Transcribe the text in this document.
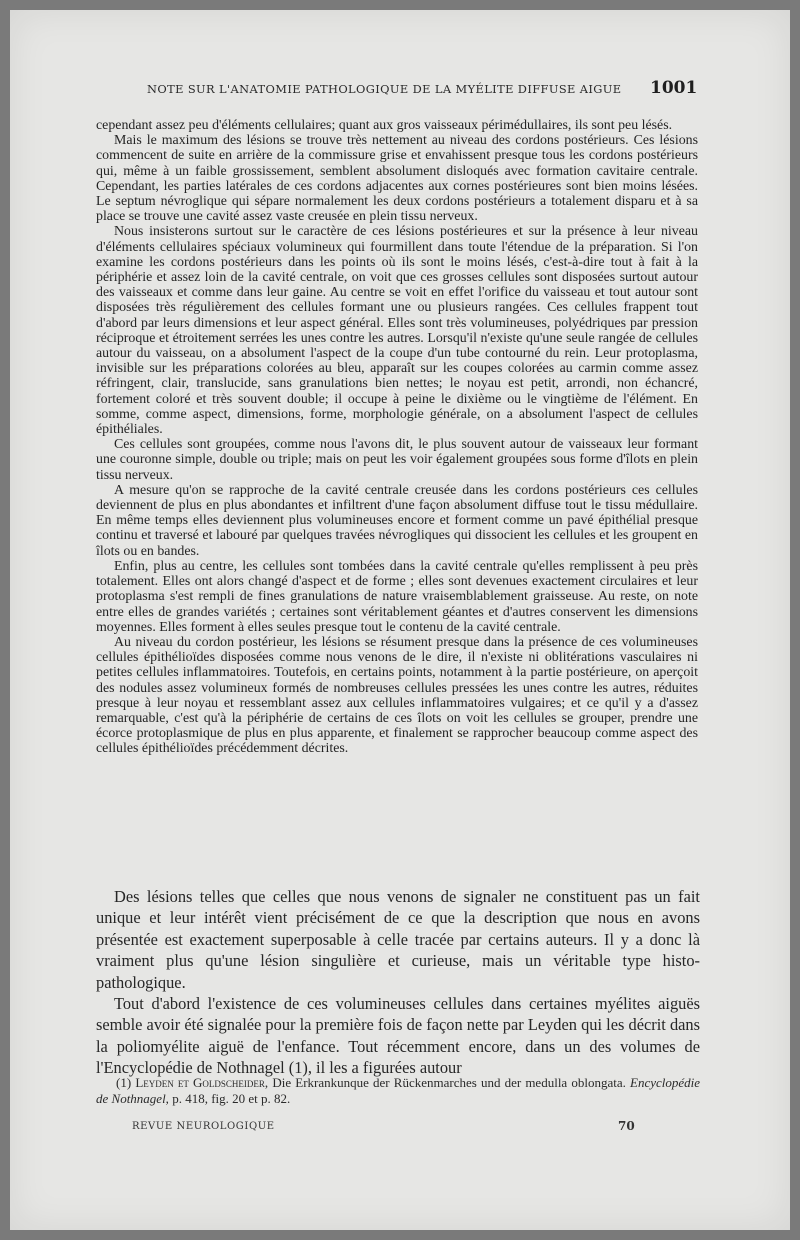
NOTE SUR L'ANATOMIE PATHOLOGIQUE DE LA MYÉLITE DIFFUSE AIGUE 1001

cependant assez peu d'éléments cellulaires; quant aux gros vaisseaux périmédullaires, ils sont peu lésés.

Mais le maximum des lésions se trouve très nettement au niveau des cordons postérieurs. Ces lésions commencent de suite en arrière de la commissure grise et envahissent presque tous les cordons postérieurs qui, même à un faible grossissement, semblent absolument disloqués avec formation cavitaire centrale. Cependant, les parties latérales de ces cordons adjacentes aux cornes postérieures sont bien moins lésées. Le septum névroglique qui sépare normalement les deux cordons postérieurs a totalement disparu et à sa place se trouve une cavité assez vaste creusée en plein tissu nerveux.

Nous insisterons surtout sur le caractère de ces lésions postérieures et sur la présence à leur niveau d'éléments cellulaires spéciaux volumineux qui fourmillent dans toute l'étendue de la préparation. Si l'on examine les cordons postérieurs dans les points où ils sont le moins lésés, c'est-à-dire tout à fait à la périphérie et assez loin de la cavité centrale, on voit que ces grosses cellules sont disposées surtout autour des vaisseaux et comme dans leur gaine. Au centre se voit en effet l'orifice du vaisseau et tout autour sont disposées très régulièrement des cellules formant une ou plusieurs rangées. Ces cellules frappent tout d'abord par leurs dimensions et leur aspect général. Elles sont très volumineuses, polyédriques par pression réciproque et étroitement serrées les unes contre les autres. Lorsqu'il n'existe qu'une seule rangée de cellules autour du vaisseau, on a absolument l'aspect de la coupe d'un tube contourné du rein. Leur protoplasma, invisible sur les préparations colorées au bleu, apparaît sur les coupes colorées au carmin comme assez réfringent, clair, translucide, sans granulations bien nettes; le noyau est petit, arrondi, non échancré, fortement coloré et très souvent double; il occupe à peine le dixième ou le vingtième de l'élément. En somme, comme aspect, dimensions, forme, morphologie générale, on a absolument l'aspect de cellules épithéliales.

Ces cellules sont groupées, comme nous l'avons dit, le plus souvent autour de vaisseaux leur formant une couronne simple, double ou triple; mais on peut les voir également groupées sous forme d'îlots en plein tissu nerveux.

A mesure qu'on se rapproche de la cavité centrale creusée dans les cordons postérieurs ces cellules deviennent de plus en plus abondantes et infiltrent d'une façon absolument diffuse tout le tissu médullaire. En même temps elles deviennent plus volumineuses encore et forment comme un pavé épithélial presque continu et traversé et labouré par quelques travées névrogliques qui dissocient les cellules et les groupent en îlots ou en bandes.

Enfin, plus au centre, les cellules sont tombées dans la cavité centrale qu'elles remplissent à peu près totalement. Elles ont alors changé d'aspect et de forme ; elles sont devenues exactement circulaires et leur protoplasma s'est rempli de fines granulations de nature vraisemblablement graisseuse. Au reste, on note entre elles de grandes variétés ; certaines sont véritablement géantes et d'autres conservent les dimensions moyennes. Elles forment à elles seules presque tout le contenu de la cavité centrale.

Au niveau du cordon postérieur, les lésions se résument presque dans la présence de ces volumineuses cellules épithélioïdes disposées comme nous venons de le dire, il n'existe ni oblitérations vasculaires ni petites cellules inflammatoires. Toutefois, en certains points, notamment à la partie postérieure, on aperçoit des nodules assez volumineux formés de nombreuses cellules pressées les unes contre les autres, réduites presque à leur noyau et ressemblant assez aux cellules inflammatoires vulgaires; et ce qu'il y a d'assez remarquable, c'est qu'à la périphérie de certains de ces îlots on voit les cellules se grouper, prendre une écorce protoplasmique de plus en plus apparente, et finalement se rapprocher beaucoup comme aspect des cellules épithélioïdes précédemment décrites.

Des lésions telles que celles que nous venons de signaler ne constituent pas un fait unique et leur intérêt vient précisément de ce que la description que nous en avons présentée est exactement superposable à celle tracée par certains auteurs. Il y a donc là vraiment plus qu'une lésion singulière et curieuse, mais un véritable type histo-pathologique.

Tout d'abord l'existence de ces volumineuses cellules dans certaines myélites aiguës semble avoir été signalée pour la première fois de façon nette par Leyden qui les décrit dans la poliomyélite aiguë de l'enfance. Tout récemment encore, dans un des volumes de l'Encyclopédie de Nothnagel (1), il les a figurées autour

(1) Leyden et Goldscheider, Die Erkrankunque der Rückenmarches und der medulla oblongata. Encyclopédie de Nothnagel, p. 418, fig. 20 et p. 82.

REVUE NEUROLOGIQUE	70
